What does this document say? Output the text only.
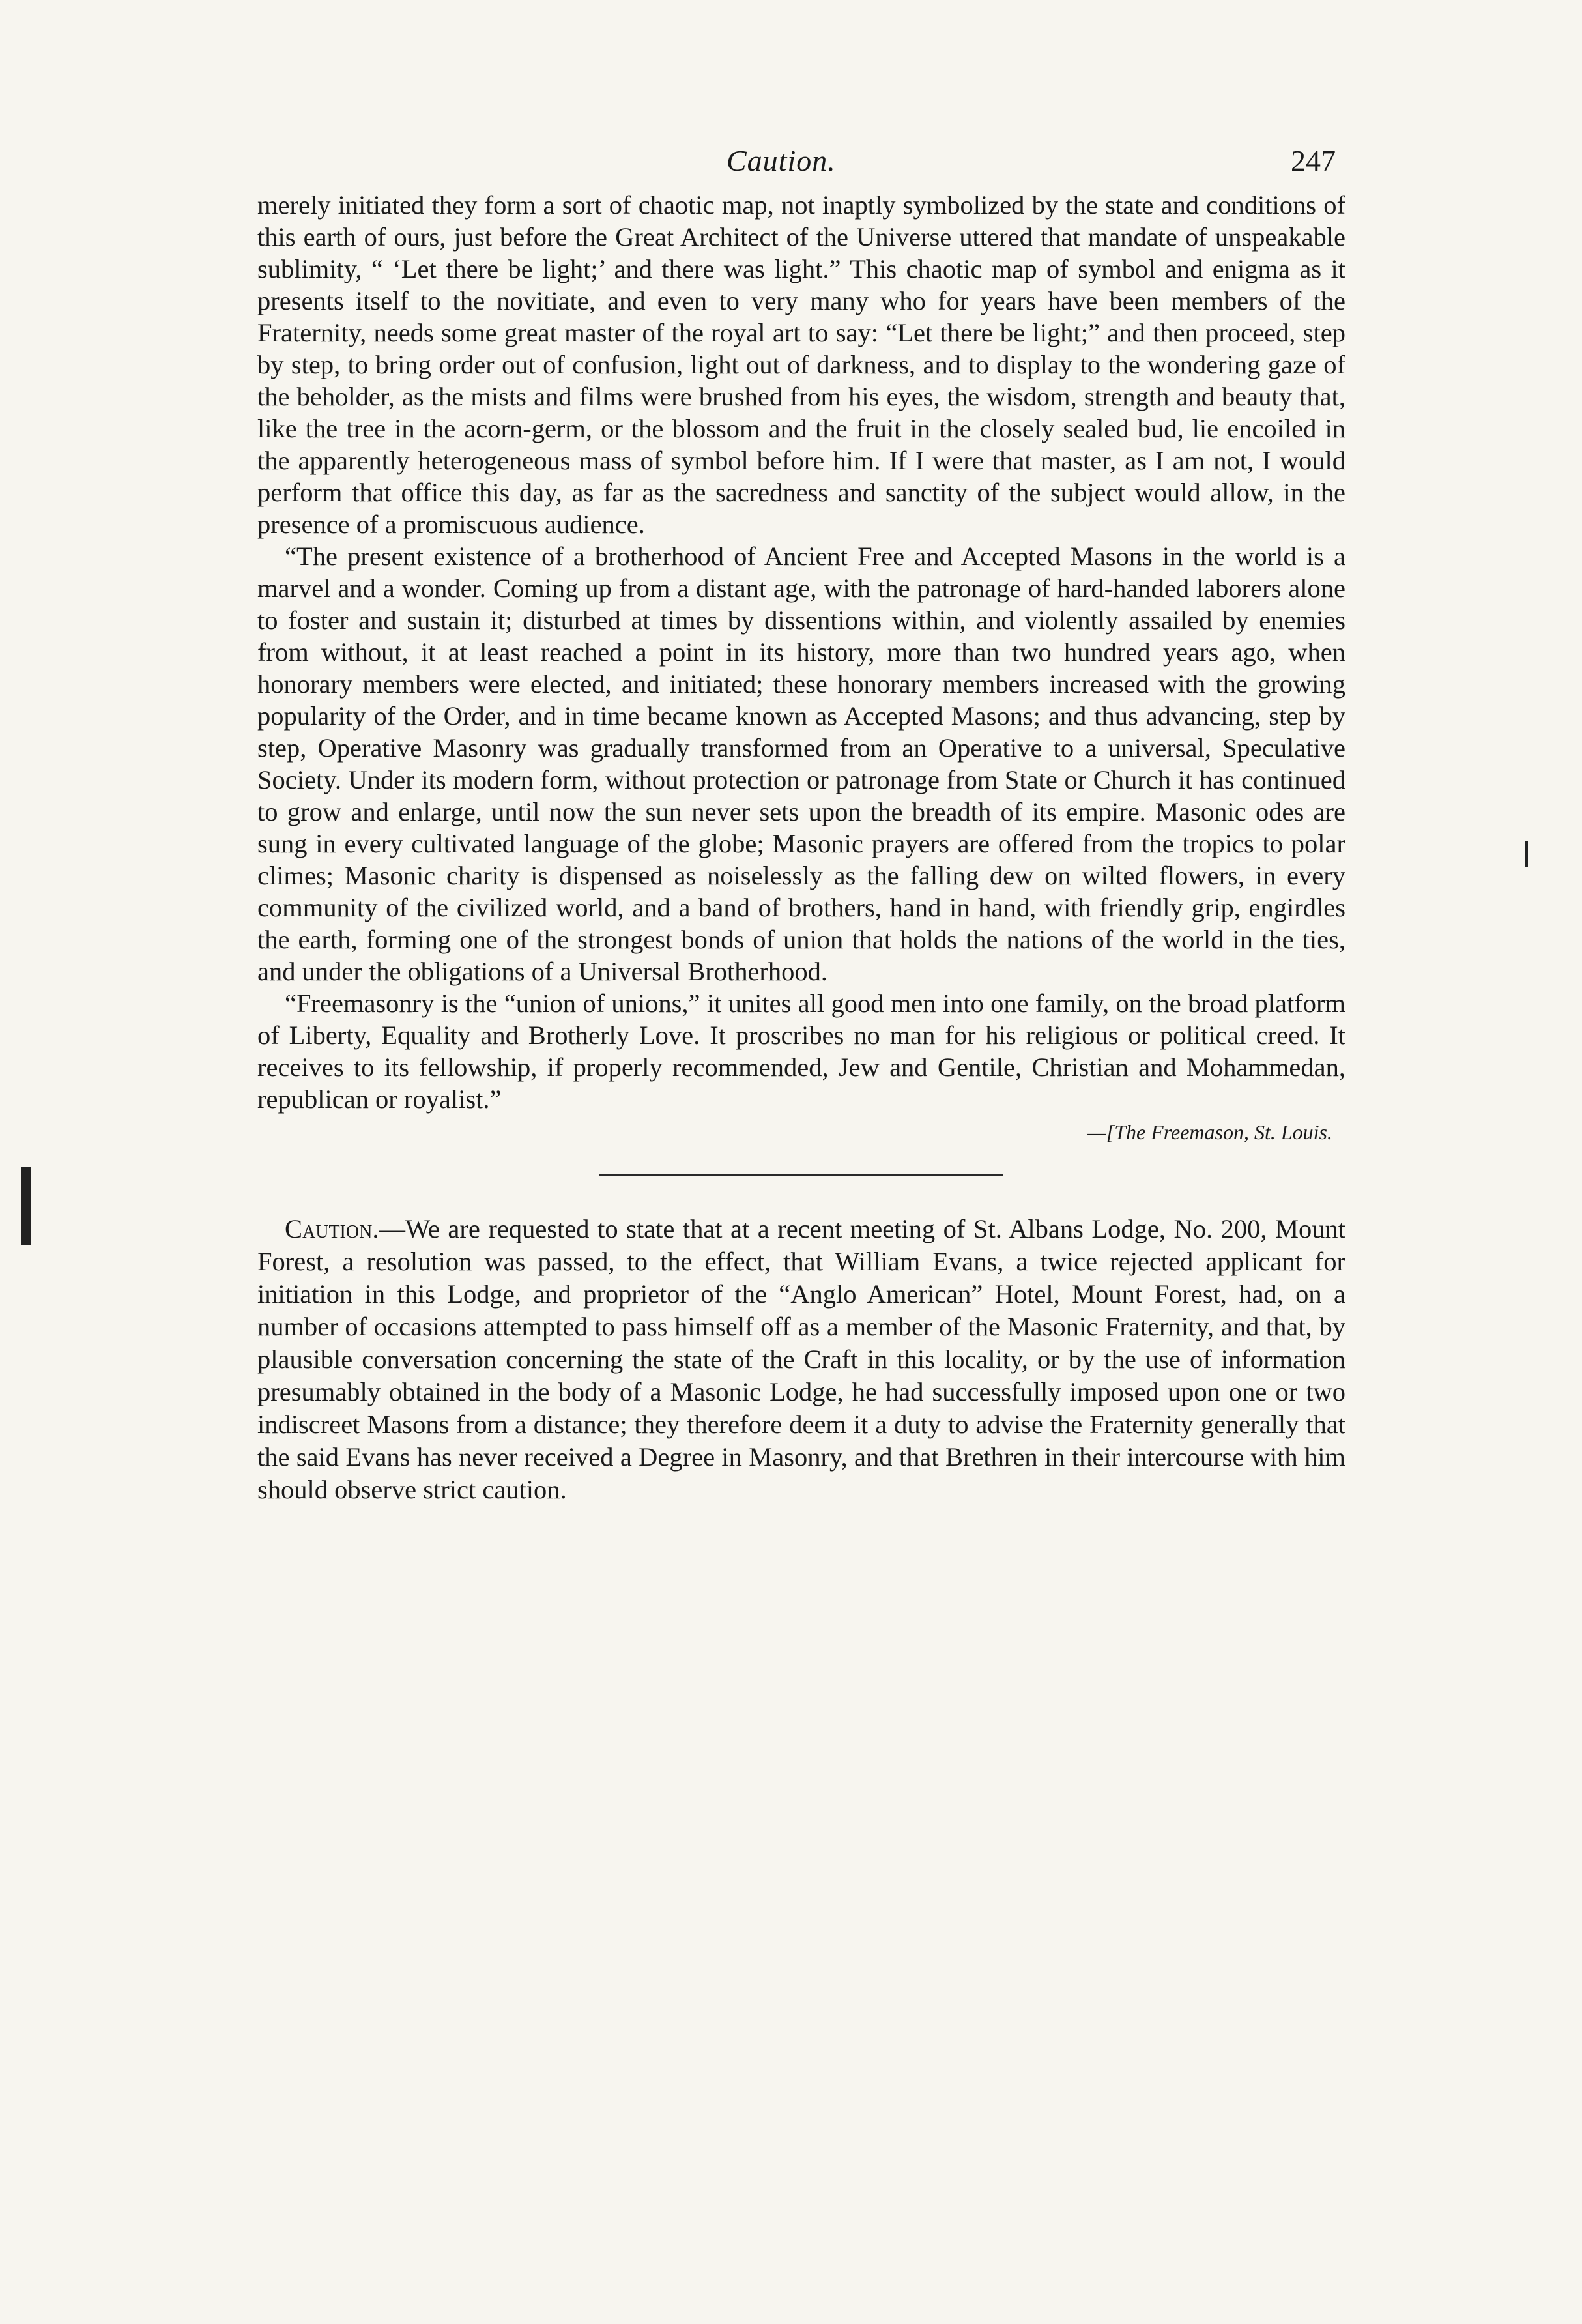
Caution.	247

merely initiated they form a sort of chaotic map, not inaptly symbolized by the state and conditions of this earth of ours, just before the Great Architect of the Universe uttered that mandate of unspeakable sublimity, “ ‘Let there be light;’ and there was light.” This chaotic map of symbol and enigma as it presents itself to the novitiate, and even to very many who for years have been members of the Fraternity, needs some great master of the royal art to say: “Let there be light;” and then proceed, step by step, to bring order out of confusion, light out of darkness, and to display to the wondering gaze of the beholder, as the mists and films were brushed from his eyes, the wisdom, strength and beauty that, like the tree in the acorn-germ, or the blossom and the fruit in the closely sealed bud, lie encoiled in the apparently heterogeneous mass of symbol before him. If I were that master, as I am not, I would perform that office this day, as far as the sacredness and sanctity of the subject would allow, in the presence of a promiscuous audience.

“The present existence of a brotherhood of Ancient Free and Accepted Masons in the world is a marvel and a wonder. Coming up from a distant age, with the patronage of hard-handed laborers alone to foster and sustain it; disturbed at times by dissentions within, and violently assailed by enemies from without, it at least reached a point in its history, more than two hundred years ago, when honorary members were elected, and initiated; these honorary members increased with the growing popularity of the Order, and in time became known as Accepted Masons; and thus advancing, step by step, Operative Masonry was gradually transformed from an Operative to a universal, Speculative Society. Under its modern form, without protection or patronage from State or Church it has continued to grow and enlarge, until now the sun never sets upon the breadth of its empire. Masonic odes are sung in every cultivated language of the globe; Masonic prayers are offered from the tropics to polar climes; Masonic charity is dispensed as noiselessly as the falling dew on wilted flowers, in every community of the civilized world, and a band of brothers, hand in hand, with friendly grip, engirdles the earth, forming one of the strongest bonds of union that holds the nations of the world in the ties, and under the obligations of a Universal Brotherhood.

“Freemasonry is the “union of unions,” it unites all good men into one family, on the broad platform of Liberty, Equality and Brotherly Love. It proscribes no man for his religious or political creed. It receives to its fellowship, if properly recommended, Jew and Gentile, Christian and Mohammedan, republican or royalist.”

—[The Freemason, St. Louis.

Caution.—We are requested to state that at a recent meeting of St. Albans Lodge, No. 200, Mount Forest, a resolution was passed, to the effect, that William Evans, a twice rejected applicant for initiation in this Lodge, and proprietor of the “Anglo American” Hotel, Mount Forest, had, on a number of occasions attempted to pass himself off as a member of the Masonic Fraternity, and that, by plausible conversation concerning the state of the Craft in this locality, or by the use of information presumably obtained in the body of a Masonic Lodge, he had successfully imposed upon one or two indiscreet Masons from a distance; they therefore deem it a duty to advise the Fraternity generally that the said Evans has never received a Degree in Masonry, and that Brethren in their intercourse with him should observe strict caution.
